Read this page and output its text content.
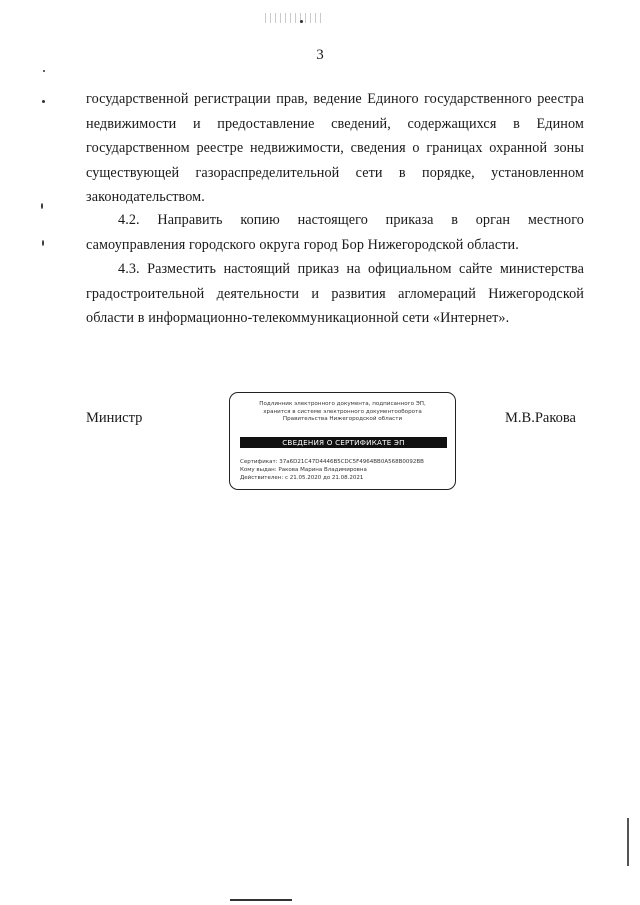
3

государственной регистрации прав, ведение Единого государственного реестра недвижимости и предоставление сведений, содержащихся в Едином государственном реестре недвижимости, сведения о границах охранной зоны существующей газораспределительной сети в порядке, установленном законодательством.

4.2. Направить копию настоящего приказа в орган местного самоуправления городского округа город Бор Нижегородской области.

4.3. Разместить настоящий приказ на официальном сайте министерства градостроительной деятельности и развития агломераций Нижегородской области в информационно-телекоммуникационной сети «Интернет».

Министр
Подлинник электронного документа, подписанного ЭП,
хранится в системе электронного документооборота
Правительства Нижегородской области
СВЕДЕНИЯ О СЕРТИФИКАТЕ ЭП
Сертификат: 37a6D21C47D4446B5CDC5F4964BB0A568B0092BB
Кому выдан: Ракова Марина Владимировна
Действителен: с 21.05.2020 до 21.08.2021
М.В.Ракова
